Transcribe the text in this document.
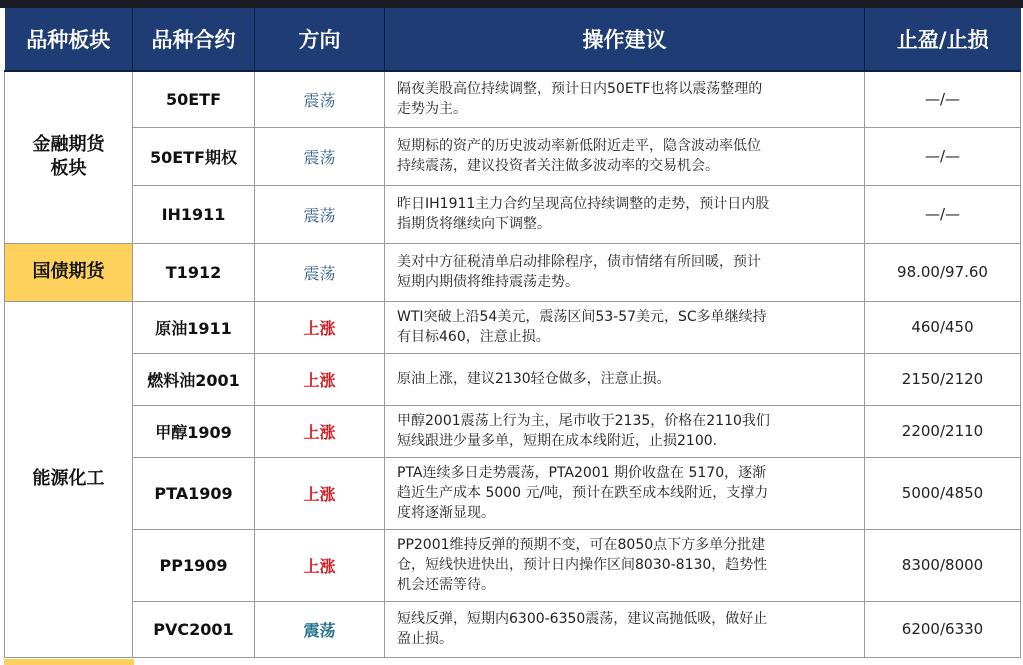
品种板块	品种合约	方向	操作建议	止盈/止损
金融期货
板块	50ETF	震荡	隔夜美股高位持续调整，预计日内50ETF也将以震荡整理的
走势为主。	—/—
	50ETF期权	震荡	短期标的资产的历史波动率新低附近走平，隐含波动率低位
持续震荡，建议投资者关注做多波动率的交易机会。	—/—
	IH1911	震荡	昨日IH1911主力合约呈现高位持续调整的走势，预计日内股
指期货将继续向下调整。	—/—
国债期货	T1912	震荡	美对中方征税清单启动排除程序，债市情绪有所回暖，预计
短期内期债将维持震荡走势。	98.00/97.60
能源化工	原油1911	上涨	WTI突破上沿54美元，震荡区间53-57美元，SC多单继续持
有目标460，注意止损。	460/450
	燃料油2001	上涨	原油上涨，建议2130轻仓做多，注意止损。	2150/2120
	甲醇1909	上涨	甲醇2001震荡上行为主，尾市收于2135，价格在2110我们
短线跟进少量多单，短期在成本线附近，止损2100.	2200/2110
	PTA1909	上涨	PTA连续多日走势震荡，PTA2001 期价收盘在 5170，逐渐
趋近生产成本 5000 元/吨，预计在跌至成本线附近，支撑力
度将逐渐显现。	5000/4850
	PP1909	上涨	PP2001维持反弹的预期不变，可在8050点下方多单分批建
仓，短线快进快出，预计日内操作区间8030-8130，趋势性
机会还需等待。	8300/8000
	PVC2001	震荡	短线反弹，短期内6300-6350震荡，建议高抛低吸，做好止
盈止损。	6200/6330
